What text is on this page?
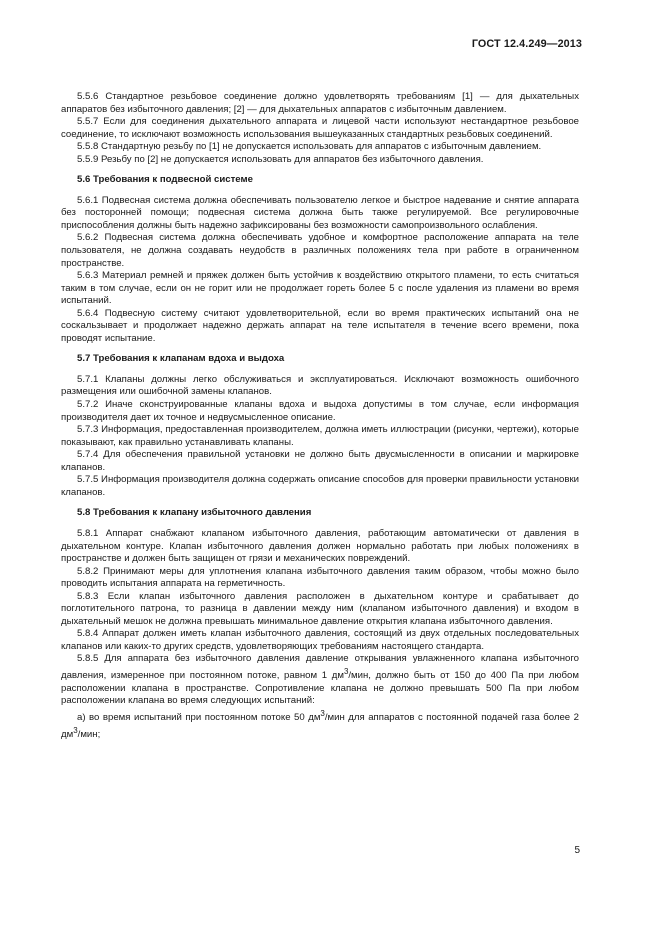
ГОСТ 12.4.249—2013

5.5.6 Стандартное резьбовое соединение должно удовлетворять требованиям [1] — для дыхательных аппаратов без избыточного давления; [2] — для дыхательных аппаратов с избыточным давлением.

5.5.7 Если для соединения дыхательного аппарата и лицевой части используют нестандартное резьбовое соединение, то исключают возможность использования вышеуказанных стандартных резьбовых соединений.

5.5.8 Стандартную резьбу по [1] не допускается использовать для аппаратов с избыточным давлением.

5.5.9 Резьбу по [2] не допускается использовать для аппаратов без избыточного давления.

5.6 Требования к подвесной системе

5.6.1 Подвесная система должна обеспечивать пользователю легкое и быстрое надевание и снятие аппарата без посторонней помощи; подвесная система должна быть также регулируемой. Все регулировочные приспособления должны быть надежно зафиксированы без возможности самопроизвольного ослабления.

5.6.2 Подвесная система должна обеспечивать удобное и комфортное расположение аппарата на теле пользователя, не должна создавать неудобств в различных положениях тела при работе в ограниченном пространстве.

5.6.3 Материал ремней и пряжек должен быть устойчив к воздействию открытого пламени, то есть считаться таким в том случае, если он не горит или не продолжает гореть более 5 с после удаления из пламени во время испытаний.

5.6.4 Подвесную систему считают удовлетворительной, если во время практических испытаний она не соскальзывает и продолжает надежно держать аппарат на теле испытателя в течение всего времени, пока проводят испытание.

5.7 Требования к клапанам вдоха и выдоха

5.7.1 Клапаны должны легко обслуживаться и эксплуатироваться. Исключают возможность ошибочного размещения или ошибочной замены клапанов.

5.7.2 Иначе сконструированные клапаны вдоха и выдоха допустимы в том случае, если информация производителя дает их точное и недвусмысленное описание.

5.7.3 Информация, предоставленная производителем, должна иметь иллюстрации (рисунки, чертежи), которые показывают, как правильно устанавливать клапаны.

5.7.4 Для обеспечения правильной установки не должно быть двусмысленности в описании и маркировке клапанов.

5.7.5 Информация производителя должна содержать описание способов для проверки правильности установки клапанов.

5.8 Требования к клапану избыточного давления

5.8.1 Аппарат снабжают клапаном избыточного давления, работающим автоматически от давления в дыхательном контуре. Клапан избыточного давления должен нормально работать при любых положениях в пространстве и должен быть защищен от грязи и механических повреждений.

5.8.2 Принимают меры для уплотнения клапана избыточного давления таким образом, чтобы можно было проводить испытания аппарата на герметичность.

5.8.3 Если клапан избыточного давления расположен в дыхательном контуре и срабатывает до поглотительного патрона, то разница в давлении между ним (клапаном избыточного давления) и входом в дыхательный мешок не должна превышать минимальное давление открытия клапана избыточного давления.

5.8.4 Аппарат должен иметь клапан избыточного давления, состоящий из двух отдельных последовательных клапанов или каких-то других средств, удовлетворяющих требованиям настоящего стандарта.

5.8.5 Для аппарата без избыточного давления давление открывания увлажненного клапана избыточного давления, измеренное при постоянном потоке, равном 1 $дм^3$/мин, должно быть от 150 до 400 Па при любом расположении клапана в пространстве. Сопротивление клапана не должно превышать 500 Па при любом расположении клапана во время следующих испытаний:

а) во время испытаний при постоянном потоке 50 $дм^3$/мин для аппаратов с постоянной подачей газа более 2 $дм^3$/мин;

5
